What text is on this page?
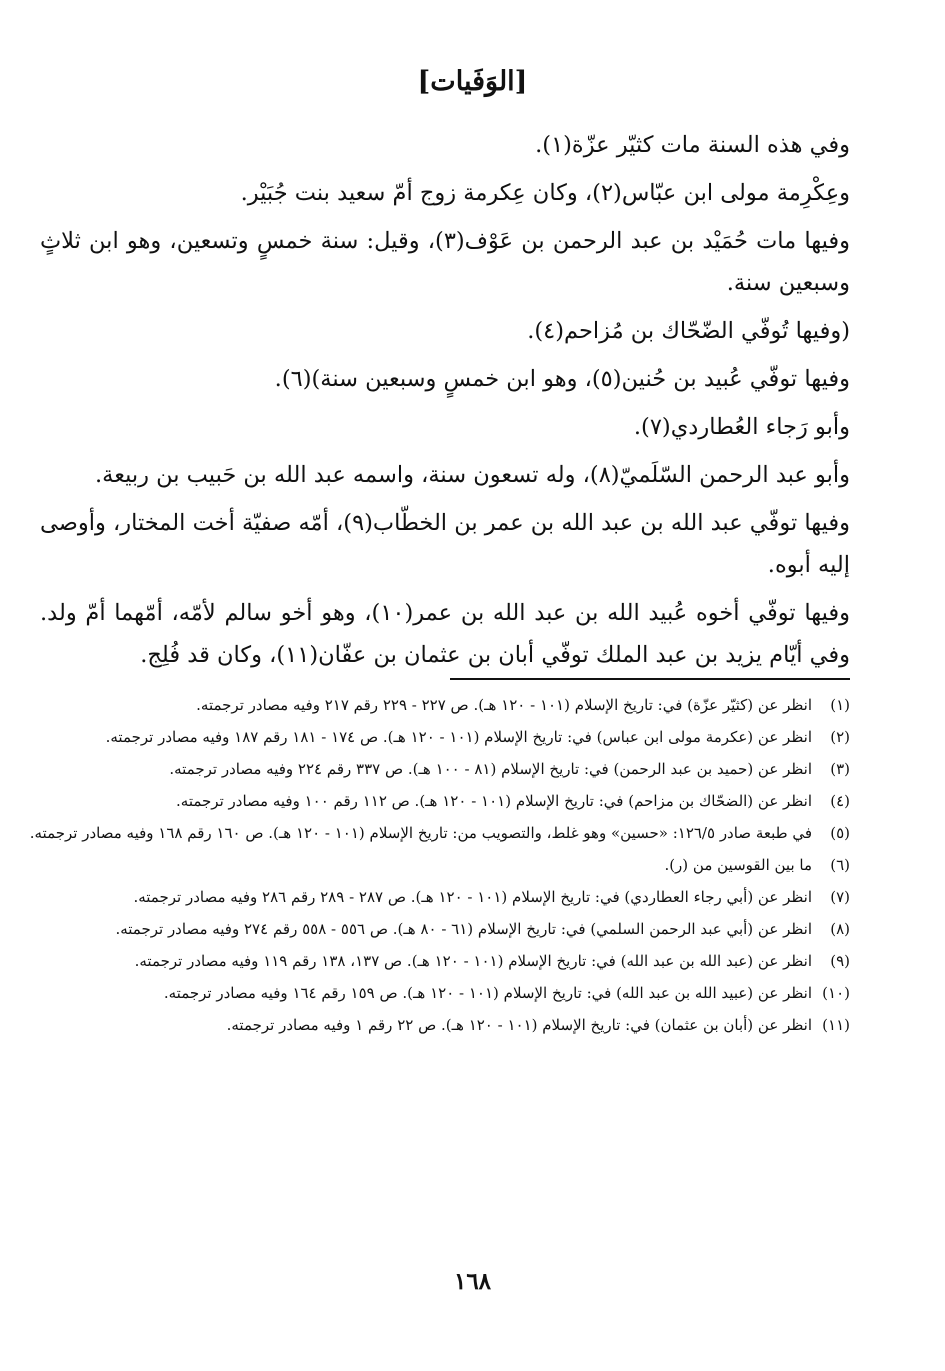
[الوَفَيات]

وفي هذه السنة مات كثيّر عزّة(١).

وعِكْرِمة مولى ابن عبّاس(٢)، وكان عِكرمة زوج أمّ سعيد بنت جُبَيْر.

وفيها مات حُمَيْد بن عبد الرحمن بن عَوْف(٣)، وقيل: سنة خمسٍ وتسعين، وهو ابن ثلاثٍ وسبعين سنة.

(وفيها تُوفّي الضّحّاك بن مُزاحم(٤).

وفيها توفّي عُبيد بن حُنين(٥)، وهو ابن خمسٍ وسبعين سنة)(٦).

وأبو رَجاء العُطاردي(٧).

وأبو عبد الرحمن السّلَميّ(٨)، وله تسعون سنة، واسمه عبد الله بن حَبيب بن ربيعة.

وفيها توفّي عبد الله بن عبد الله بن عمر بن الخطّاب(٩)، أمّه صفيّة أخت المختار، وأوصى إليه أبوه.

وفيها توفّي أخوه عُبيد الله بن عبد الله بن عمر(١٠)، وهو أخو سالم لأمّه، أمّهما أمّ ولد. وفي أيّام يزيد بن عبد الملك توفّي أبان بن عثمان بن عفّان(١١)، وكان قد فُلِج.

(١)
انظر عن (كثيّر عزّة) في: تاريخ الإسلام (١٠١ - ١٢٠ هـ). ص ٢٢٧ - ٢٢٩ رقم ٢١٧ وفيه مصادر ترجمته.
(٢)
انظر عن (عكرمة مولى ابن عباس) في: تاريخ الإسلام (١٠١ - ١٢٠ هـ). ص ١٧٤ - ١٨١ رقم ١٨٧ وفيه مصادر ترجمته.
(٣)
انظر عن (حميد بن عبد الرحمن) في: تاريخ الإسلام (٨١ - ١٠٠ هـ). ص ٣٣٧ رقم ٢٢٤ وفيه مصادر ترجمته.
(٤)
انظر عن (الضحّاك بن مزاحم) في: تاريخ الإسلام (١٠١ - ١٢٠ هـ). ص ١١٢ رقم ١٠٠ وفيه مصادر ترجمته.
(٥)
في طبعة صادر ١٢٦/٥: «حسين» وهو غلط، والتصويب من: تاريخ الإسلام (١٠١ - ١٢٠ هـ). ص ١٦٠ رقم ١٦٨ وفيه مصادر ترجمته.
(٦)
ما بين القوسين من (ر).
(٧)
انظر عن (أبي رجاء العطاردي) في: تاريخ الإسلام (١٠١ - ١٢٠ هـ). ص ٢٨٧ - ٢٨٩ رقم ٢٨٦ وفيه مصادر ترجمته.
(٨)
انظر عن (أبي عبد الرحمن السلمي) في: تاريخ الإسلام (٦١ - ٨٠ هـ). ص ٥٥٦ - ٥٥٨ رقم ٢٧٤ وفيه مصادر ترجمته.
(٩)
انظر عن (عبد الله بن عبد الله) في: تاريخ الإسلام (١٠١ - ١٢٠ هـ). ص ١٣٧، ١٣٨ رقم ١١٩ وفيه مصادر ترجمته.
(١٠)
انظر عن (عبيد الله بن عبد الله) في: تاريخ الإسلام (١٠١ - ١٢٠ هـ). ص ١٥٩ رقم ١٦٤ وفيه مصادر ترجمته.
(١١)
انظر عن (أبان بن عثمان) في: تاريخ الإسلام (١٠١ - ١٢٠ هـ). ص ٢٢ رقم ١ وفيه مصادر ترجمته.
١٦٨
